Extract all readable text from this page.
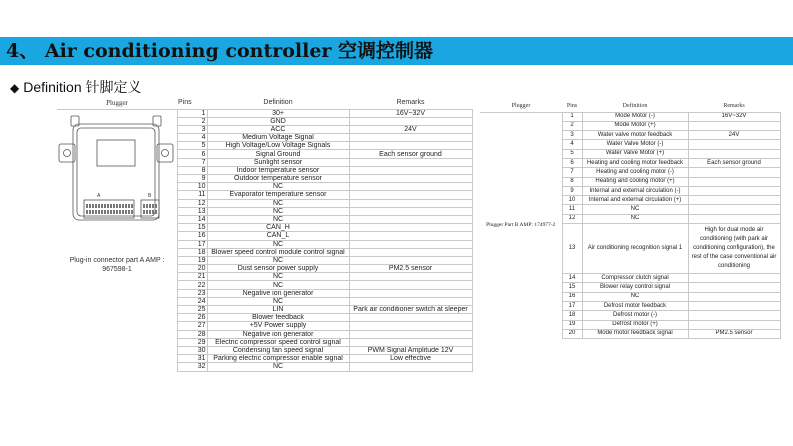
4、 Air conditioning controller 空调控制器
◆ Definition 针脚定义
Plugger	Pins	Definition	Remarks

A B
Plug-in connector part A AMP : 967598-1	1	30+	16V~32V
	2	GND	
	3	ACC	24V
	4	Medium Voltage Signal	
	5	High Voltage/Low Voltage Signals	
	6	Signal Ground	Each sensor ground
	7	Sunlight sensor	
	8	Indoor temperature sensor	
	9	Outdoor temperature sensor	
	10	NC	
	11	Evaporator temperature sensor	
	12	NC	
	13	NC	
	14	NC	
	15	CAN_H	
	16	CAN_L	
	17	NC	
	18	Blower speed control module control signal	
	19	NC	
	20	Dust sensor power supply	PM2.5 sensor
	21	NC	
	22	NC	
	23	Negative ion generator	
	24	NC	
	25	LIN	Park air conditioner switch at sleeper
	26	Blower feedback	
	27	+5V Power supply	
	28	Negative ion generator	
	29	Electric compressor speed control signal	
	30	Condensing fan speed signal	PWM Signal Amplitude 12V
	31	Parking electric compressor enable signal	Low effective
	32	NC	
Plugger	Pins	Definition	Remarks
Plugger Part B AMP: 174977-2	1	Mode Motor (-)	16V~32V
	2	Mode Motor (+)	
	3	Water valve motor feedback	24V
	4	Water Valve Motor (-)	
	5	Water Valve Motor (+)	
	6	Heating and cooling motor feedback	Each sensor ground
	7	Heating and cooling motor (-)	
	8	Heating and cooling motor (+)	
	9	Internal and external circulation (-)	
	10	Internal and external circulation (+)	
	11	NC	
	12	NC	
	13	Air conditioning recognition signal 1	High for dual mode air conditioning (with park air conditioning configuration), the rest of the case conventional air conditioning
	14	Compressor clutch signal	
	15	Blower relay control signal	
	16	NC	
	17	Defrost motor feedback	
	18	Defrost motor (-)	
	19	Defrost motor (+)	
	20	Mode motor feedback signal	PM2.5 sensor
